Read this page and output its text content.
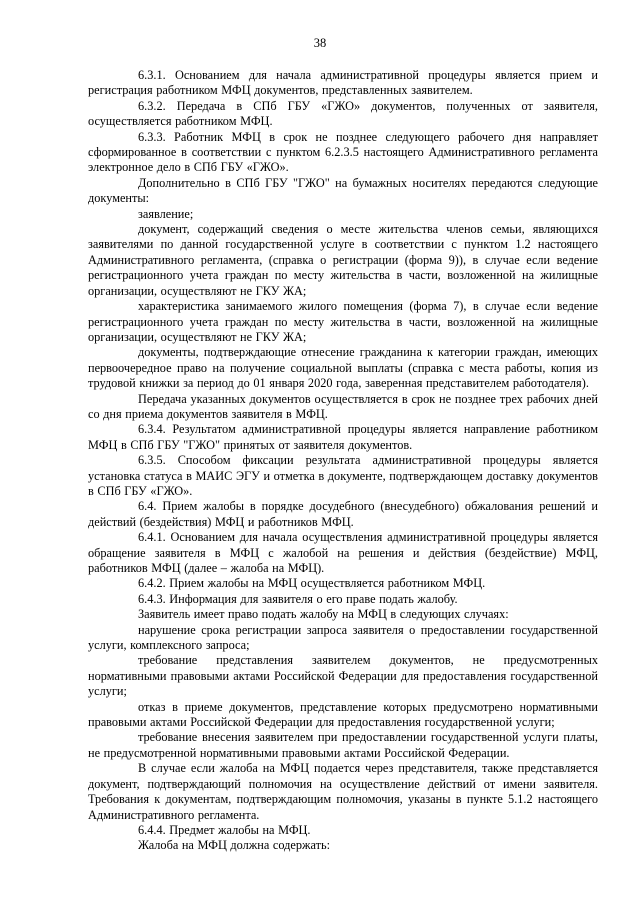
38

6.3.1. Основанием для начала административной процедуры является прием и регистрация работником МФЦ документов, представленных заявителем.

6.3.2. Передача в СПб ГБУ «ГЖО» документов, полученных от заявителя, осуществляется работником МФЦ.

6.3.3. Работник МФЦ в срок не позднее следующего рабочего дня направляет сформированное в соответствии с пунктом 6.2.3.5 настоящего Административного регламента электронное дело в СПб ГБУ «ГЖО».

Дополнительно в СПб ГБУ "ГЖО" на бумажных носителях передаются следующие документы:

заявление;

документ, содержащий сведения о месте жительства членов семьи, являющихся заявителями по данной государственной услуге в соответствии с пунктом 1.2 настоящего Административного регламента, (справка о регистрации (форма 9)), в случае если ведение регистрационного учета граждан по месту жительства в части, возложенной на жилищные организации, осуществляют не ГКУ ЖА;

характеристика занимаемого жилого помещения (форма 7), в случае если ведение регистрационного учета граждан по месту жительства в части, возложенной на жилищные организации, осуществляют не ГКУ ЖА;

документы, подтверждающие отнесение гражданина к категории граждан, имеющих первоочередное право на получение социальной выплаты (справка с места работы, копия из трудовой книжки за период до 01 января 2020 года, заверенная представителем работодателя).

Передача указанных документов осуществляется в срок не позднее трех рабочих дней со дня приема документов заявителя в МФЦ.

6.3.4. Результатом административной процедуры является направление работником МФЦ в СПб ГБУ "ГЖО" принятых от заявителя документов.

6.3.5. Способом фиксации результата административной процедуры является установка статуса в МАИС ЭГУ и отметка в документе, подтверждающем доставку документов в СПб ГБУ «ГЖО».

6.4. Прием жалобы в порядке досудебного (внесудебного) обжалования решений и действий (бездействия) МФЦ и работников МФЦ.

6.4.1. Основанием для начала осуществления административной процедуры является обращение заявителя в МФЦ с жалобой на решения и действия (бездействие) МФЦ, работников МФЦ (далее – жалоба на МФЦ).

6.4.2. Прием жалобы на МФЦ осуществляется работником МФЦ.

6.4.3. Информация для заявителя о его праве подать жалобу.

Заявитель имеет право подать жалобу на МФЦ в следующих случаях:

нарушение срока регистрации запроса заявителя о предоставлении государственной услуги, комплексного запроса;

требование представления заявителем документов, не предусмотренных нормативными правовыми актами Российской Федерации для предоставления государственной услуги;

отказ в приеме документов, представление которых предусмотрено нормативными правовыми актами Российской Федерации для предоставления государственной услуги;

требование внесения заявителем при предоставлении государственной услуги платы, не предусмотренной нормативными правовыми актами Российской Федерации.

В случае если жалоба на МФЦ подается через представителя, также представляется документ, подтверждающий полномочия на осуществление действий от имени заявителя. Требования к документам, подтверждающим полномочия, указаны в пункте 5.1.2 настоящего Административного регламента.

6.4.4. Предмет жалобы на МФЦ.

Жалоба на МФЦ должна содержать:
